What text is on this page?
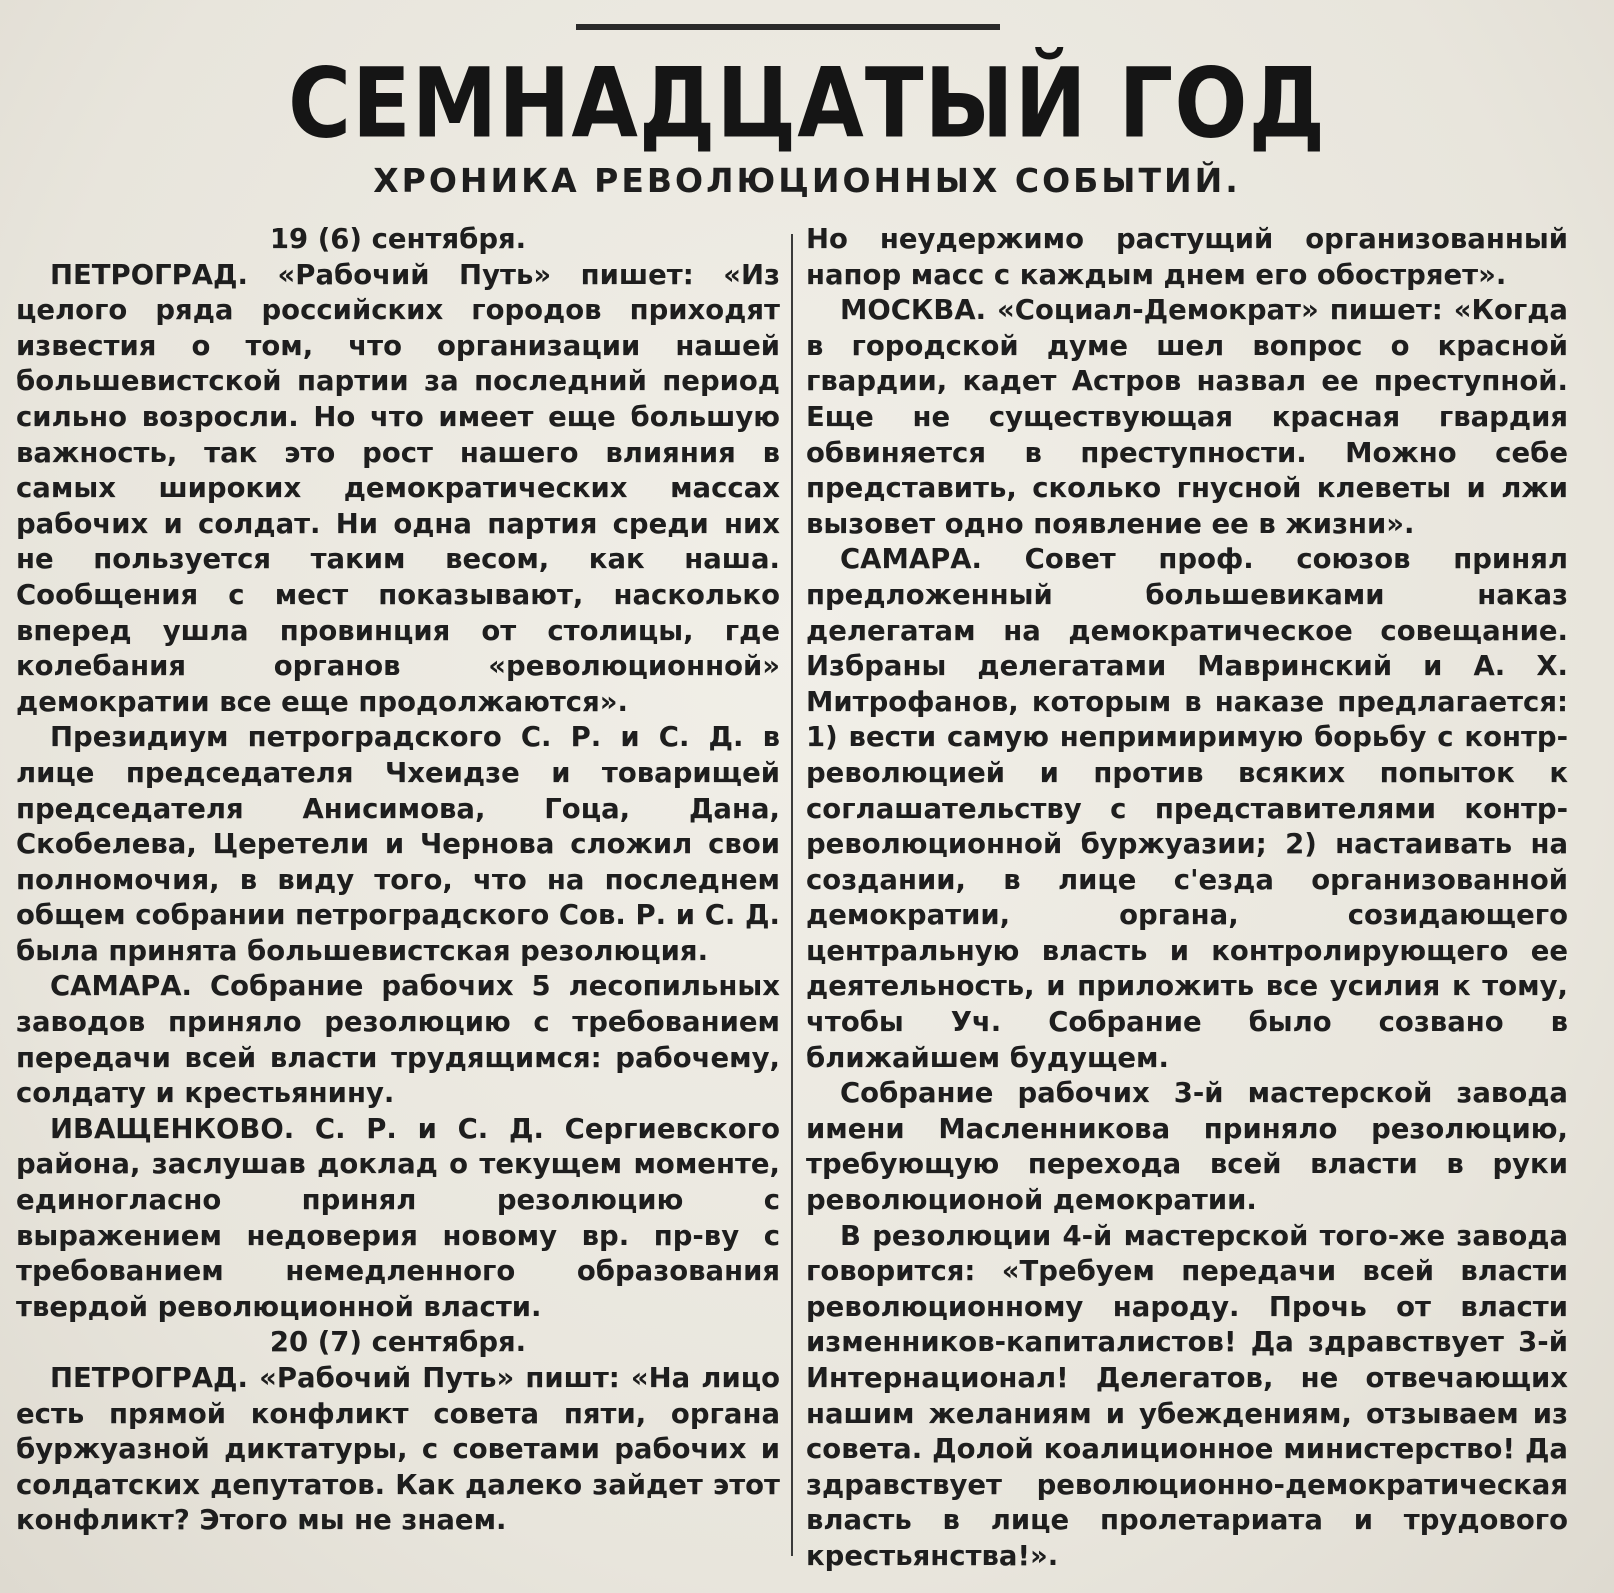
СЕМНАДЦАТЫЙ ГОД
ХРОНИКА РЕВОЛЮЦИОННЫХ СОБЫТИЙ.

19 (6) сентября.

ПЕТРОГРАД. «Рабочий Путь» пишет: «Из целого ряда российских городов приходят известия о том, что организации нашей большевистской партии за последний период сильно возросли. Но что имеет еще большую важность, так это рост нашего влияния в самых широких демократических массах рабочих и солдат. Ни одна партия среди них не пользуется таким весом, как наша. Сообщения с мест показывают, насколько вперед ушла провинция от столицы, где колебания органов «революционной» демократии все еще продолжаются».

Президиум петроградского С. Р. и С. Д. в лице председателя Чхеидзе и товарищей председателя Анисимова, Гоца, Дана, Скобелева, Церетели и Чернова сложил свои полномочия, в виду того, что на последнем общем собрании петроградского Сов. Р. и С. Д. была принята большевистская резолюция.

САМАРА. Собрание рабочих 5 лесопильных заводов приняло резолюцию с требованием передачи всей власти трудящимся: рабочему, солдату и крестьянину.

ИВАЩЕНКОВО. С. Р. и С. Д. Сергиевского района, заслушав доклад о текущем моменте, единогласно принял резолюцию с выражением недоверия новому вр. пр-ву с требованием немедленного образования твердой революционной власти.

20 (7) сентября.

ПЕТРОГРАД. «Рабочий Путь» пишт: «На лицо есть прямой конфликт совета пяти, органа буржуазной диктатуры, с советами рабочих и солдатских депутатов. Как далеко зайдет этот конфликт? Этого мы не знаем.

Но неудержимо растущий организованный напор масс с каждым днем его обостряет».

МОСКВА. «Социал-Демократ» пишет: «Когда в городской думе шел вопрос о красной гвардии, кадет Астров назвал ее преступной. Еще не существующая красная гвардия обвиняется в преступности. Можно себе представить, сколько гнусной клеветы и лжи вызовет одно появление ее в жизни».

САМАРА. Совет проф. союзов принял предложенный большевиками наказ делегатам на демократическое совещание. Избраны делегатами Мавринский и А. Х. Митрофанов, которым в наказе предлагается: 1) вести самую непримиримую борьбу с контр-революцией и против всяких попыток к соглашательству с представителями контр-революционной буржуазии; 2) настаивать на создании, в лице с'езда организованной демократии, органа, созидающего центральную власть и контролирующего ее деятельность, и приложить все усилия к тому, чтобы Уч. Собрание было созвано в ближайшем будущем.

Собрание рабочих 3-й мастерской завода имени Масленникова приняло резолюцию, требующую перехода всей власти в руки революционой демократии.

В резолюции 4-й мастерской того-же завода говорится: «Требуем передачи всей власти революционному народу. Прочь от власти изменников-капиталистов! Да здравствует 3-й Интернационал! Делегатов, не отвечающих нашим желаниям и убеждениям, отзываем из совета. Долой коалиционное министерство! Да здравствует революционно-демократическая власть в лице пролетариата и трудового крестьянства!».
